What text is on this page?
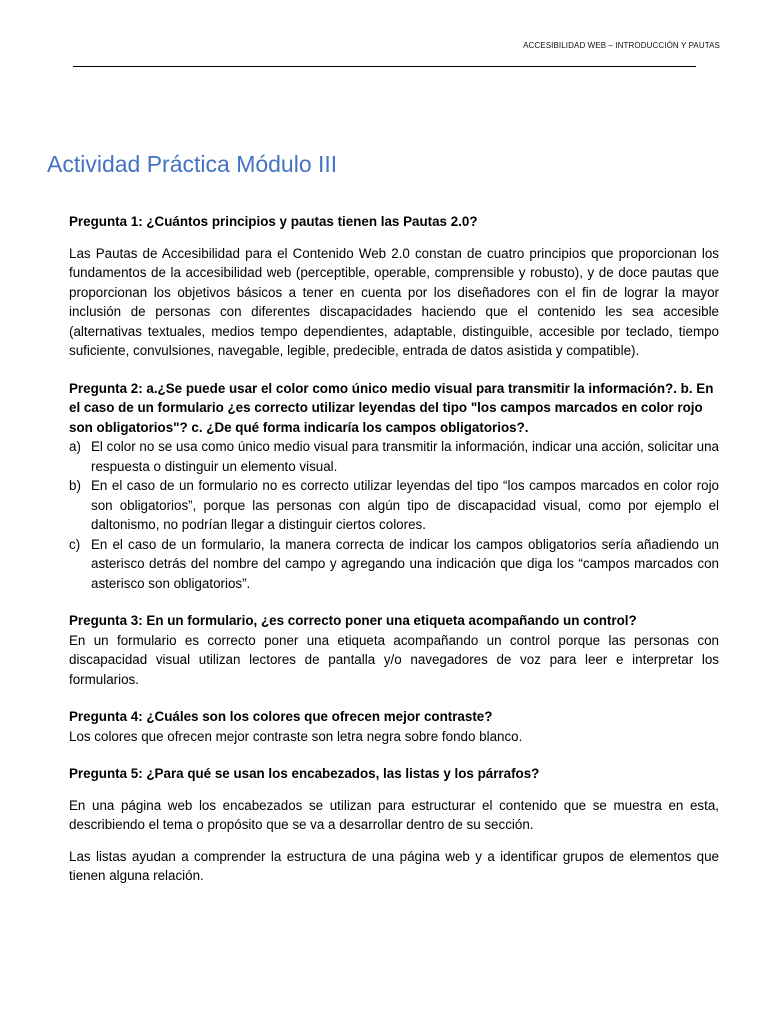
ACCESIBILIDAD WEB – INTRODUCCIÓN Y PAUTAS
Actividad Práctica Módulo III

Pregunta 1: ¿Cuántos principios y pautas tienen las Pautas 2.0?

Las Pautas de Accesibilidad para el Contenido Web 2.0 constan de cuatro principios que proporcionan los fundamentos de la accesibilidad web (perceptible, operable, comprensible y robusto), y de doce pautas que proporcionan los objetivos básicos a tener en cuenta por los diseñadores con el fin de lograr la mayor inclusión de personas con diferentes discapacidades haciendo que el contenido les sea accesible (alternativas textuales, medios tempo dependientes, adaptable, distinguible, accesible por teclado, tiempo suficiente, convulsiones, navegable, legible, predecible, entrada de datos asistida y compatible).

Pregunta 2: a.¿Se puede usar el color como único medio visual para transmitir la información?. b. En el caso de un formulario ¿es correcto utilizar leyendas del tipo "los campos marcados en color rojo son obligatorios"? c. ¿De qué forma indicaría los campos obligatorios?.

a) El color no se usa como único medio visual para transmitir la información, indicar una acción, solicitar una respuesta o distinguir un elemento visual.
b) En el caso de un formulario no es correcto utilizar leyendas del tipo “los campos marcados en color rojo son obligatorios”, porque las personas con algún tipo de discapacidad visual, como por ejemplo el daltonismo, no podrían llegar a distinguir ciertos colores.
c) En el caso de un formulario, la manera correcta de indicar los campos obligatorios sería añadiendo un asterisco detrás del nombre del campo y agregando una indicación que diga los “campos marcados con asterisco son obligatorios”.

Pregunta 3: En un formulario, ¿es correcto poner una etiqueta acompañando un control?

En un formulario es correcto poner una etiqueta acompañando un control porque las personas con discapacidad visual utilizan lectores de pantalla y/o navegadores de voz para leer e interpretar los formularios.

Pregunta 4: ¿Cuáles son los colores que ofrecen mejor contraste?

Los colores que ofrecen mejor contraste son letra negra sobre fondo blanco.

Pregunta 5: ¿Para qué se usan los encabezados, las listas y los párrafos?

En una página web los encabezados se utilizan para estructurar el contenido que se muestra en esta, describiendo el tema o propósito que se va a desarrollar dentro de su sección.

Las listas ayudan a comprender la estructura de una página web y a identificar grupos de elementos que tienen alguna relación.
